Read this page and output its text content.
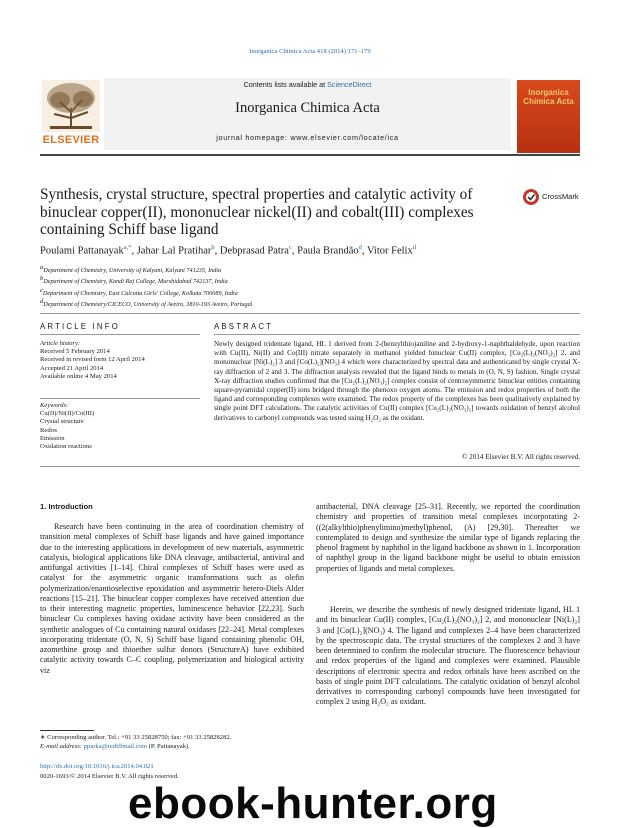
Inorganica Chimica Acta 418 (2014) 171–179
ELSEVIER
Contents lists available at ScienceDirect
Inorganica Chimica Acta
journal homepage: www.elsevier.com/locate/ica
Inorganica Chimica Acta
Synthesis, crystal structure, spectral properties and catalytic activity of binuclear copper(II), mononuclear nickel(II) and cobalt(III) complexes containing Schiff base ligand
CrossMark
Poulami Pattanayak$^{a,*}$, Jahar Lal Pratihar$^b$, Debprasad Patra$^c$, Paula Brandão$^d$, Vitor Felix$^d$
$^a$Department of Chemistry, University of Kalyani, Kalyani 741235, India
$^b$Department of Chemistry, Kandi Raj College, Murshidabad 742137, India
$^c$Department of Chemistry, East Calcutta Girls' College, Kolkata 700089, India
$^d$Department of Chemistry/CICECO, University of Aveiro, 3810-193 Aveiro, Portugal
ARTICLE INFO	ABSTRACT
Article history:
Received 5 February 2014
Received in revised form 12 April 2014
Accepted 21 April 2014
Available online 4 May 2014
Keywords:
Cu(II)/Ni(II)/Co(III)
Crystal structure
Redox
Emission
Oxidation reactions
Newly designed tridentate ligand, HL 1 derived from 2-(benzylthio)aniline and 2-hydroxy-1-naphthaldehyde, upon reaction with Cu(II), Ni(II) and Co(III) nitrate separately in methanol yielded binuclear Cu(II) complex, [Cu₂(L)₂(NO₃)₂] 2, and mononuclear [Ni(L)₂] 3 and [Co(L)₂](NO₃) 4 which were characterized by spectral data and authenticated by single crystal X-ray diffraction of 2 and 3. The diffraction analysis revealed that the ligand binds to metals in (O, N, S) fashion. Single crystal X-ray diffraction studies confirmed that the [Cu₂(L)₂(NO₃)₂] complex consist of centrosymmetric binuclear entities containing square-pyramidal copper(II) ions bridged through the phenoxo oxygen atoms. The emission and redox properties of both the ligand and corresponding complexes were examined. The redox property of the complexes has been qualitatively explained by single point DFT calculations. The catalytic activities of Cu(II) complex [Cu₂(L)₂(NO₃)₂] towards oxidation of benzyl alcohol derivatives to carbonyl compounds was tested using H₂O₂ as the oxidant.
© 2014 Elsevier B.V. All rights reserved.
1. Introduction

Research have been continuing in the area of coordination chemistry of transition metal complexes of Schiff base ligands and have gained importance due to the interesting applications in development of new materials, asymmetric catalysis, biological applications like DNA cleavage, antibacterial, antiviral and antifungal activities [1–14]. Chiral complexes of Schiff bases were used as catalyst for the asymmetric organic transformations such as olefin polymerization/enantioselective epoxidation and asymmetric hetero-Diels Alder reactions [15–21]. The binuclear copper complexes have received attention due to their interesting magnetic properties, luminescence behavior [22,23]. Such binuclear Cu complexes having oxidase activity have been considered as the synthetic analogues of Cu containing natural oxidases [22–24]. Metal complexes incorporating tridentate (O, N, S) Schiff base ligand containing phenolic OH, azomethine group and thioether sulfur donors (StructureA) have exhibited catalytic activity towards C–C coupling, polymerization and biological activity viz

antibacterial, DNA cleavage [25–31]. Recently, we reported the coordination chemistry and properties of transition metal complexes incorporating 2-((2(alkylthio)phenylimino)methyl)phenol, (A) [29,30]. Thereafter we contemplated to design and synthesize the similar type of ligands replacing the phenol fragment by naphthol in the ligand backbone as shown in 1. Incorporation of naphthyl group in the ligand backbone might be useful to obtain emission properties of ligands and metal complexes.

Herein, we describe the synthesis of newly designed tridentate ligand, HL 1 and its binuclear Cu(II) complex, [Cu₂(L)₂(NO₃)₂] 2, and mononuclear [Ni(L)₂] 3 and [Co(L)₂](NO₃) 4. The ligand and complexes 2–4 have been characterized by the spectroscopic data. The crystal structures of the complexes 2 and 3 have been determined to confirm the molecular structure. The fluorescence behaviour and redox properties of the ligand and complexes were examined. Plausible descriptions of electronic spectra and redox orbitals have been ascribed on the basis of single point DFT calculations. The catalytic oxidation of benzyl alcohol derivatives to corresponding carbonyl compounds have been investigated for complex 2 using H₂O₂ as oxidant.

∗ Corresponding author. Tel.: +91 33 25828750; fax: +91 33 25828282.
E-mail address: pparka@rediffmail.com (P. Pattanayak).
http://dx.doi.org/10.1016/j.ica.2014.04.021
0020-1693/© 2014 Elsevier B.V. All rights reserved.
ebook-hunter.org
